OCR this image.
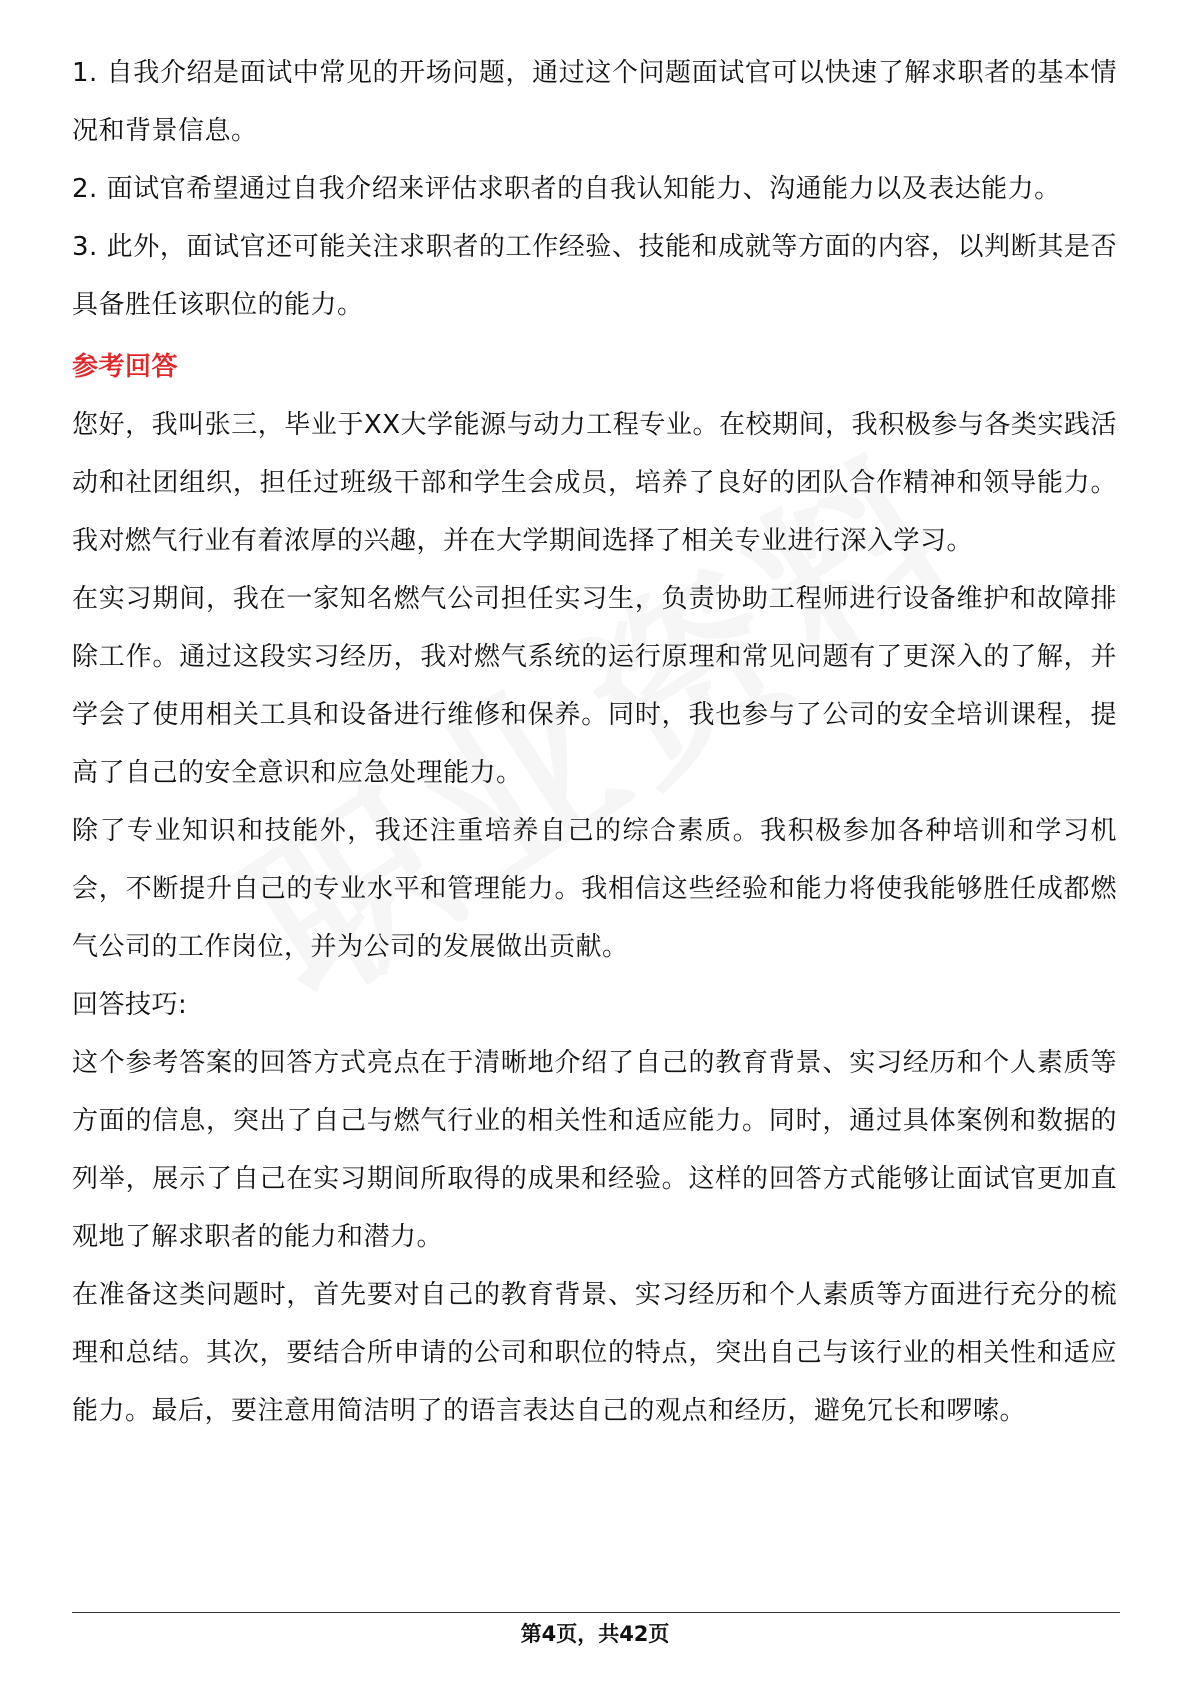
1. 自我介绍是面试中常见的开场问题，通过这个问题面试官可以快速了解求职者的基本情况和背景信息。

2. 面试官希望通过自我介绍来评估求职者的自我认知能力、沟通能力以及表达能力。

3. 此外，面试官还可能关注求职者的工作经验、技能和成就等方面的内容，以判断其是否具备胜任该职位的能力。

参考回答

您好，我叫张三，毕业于XX大学能源与动力工程专业。在校期间，我积极参与各类实践活动和社团组织，担任过班级干部和学生会成员，培养了良好的团队合作精神和领导能力。我对燃气行业有着浓厚的兴趣，并在大学期间选择了相关专业进行深入学习。

在实习期间，我在一家知名燃气公司担任实习生，负责协助工程师进行设备维护和故障排除工作。通过这段实习经历，我对燃气系统的运行原理和常见问题有了更深入的了解，并学会了使用相关工具和设备进行维修和保养。同时，我也参与了公司的安全培训课程，提高了自己的安全意识和应急处理能力。

除了专业知识和技能外，我还注重培养自己的综合素质。我积极参加各种培训和学习机会，不断提升自己的专业水平和管理能力。我相信这些经验和能力将使我能够胜任成都燃气公司的工作岗位，并为公司的发展做出贡献。

回答技巧:

这个参考答案的回答方式亮点在于清晰地介绍了自己的教育背景、实习经历和个人素质等方面的信息，突出了自己与燃气行业的相关性和适应能力。同时，通过具体案例和数据的列举，展示了自己在实习期间所取得的成果和经验。这样的回答方式能够让面试官更加直观地了解求职者的能力和潜力。

在准备这类问题时，首先要对自己的教育背景、实习经历和个人素质等方面进行充分的梳理和总结。其次，要结合所申请的公司和职位的特点，突出自己与该行业的相关性和适应能力。最后，要注意用简洁明了的语言表达自己的观点和经历，避免冗长和啰嗦。

第4页，共42页
